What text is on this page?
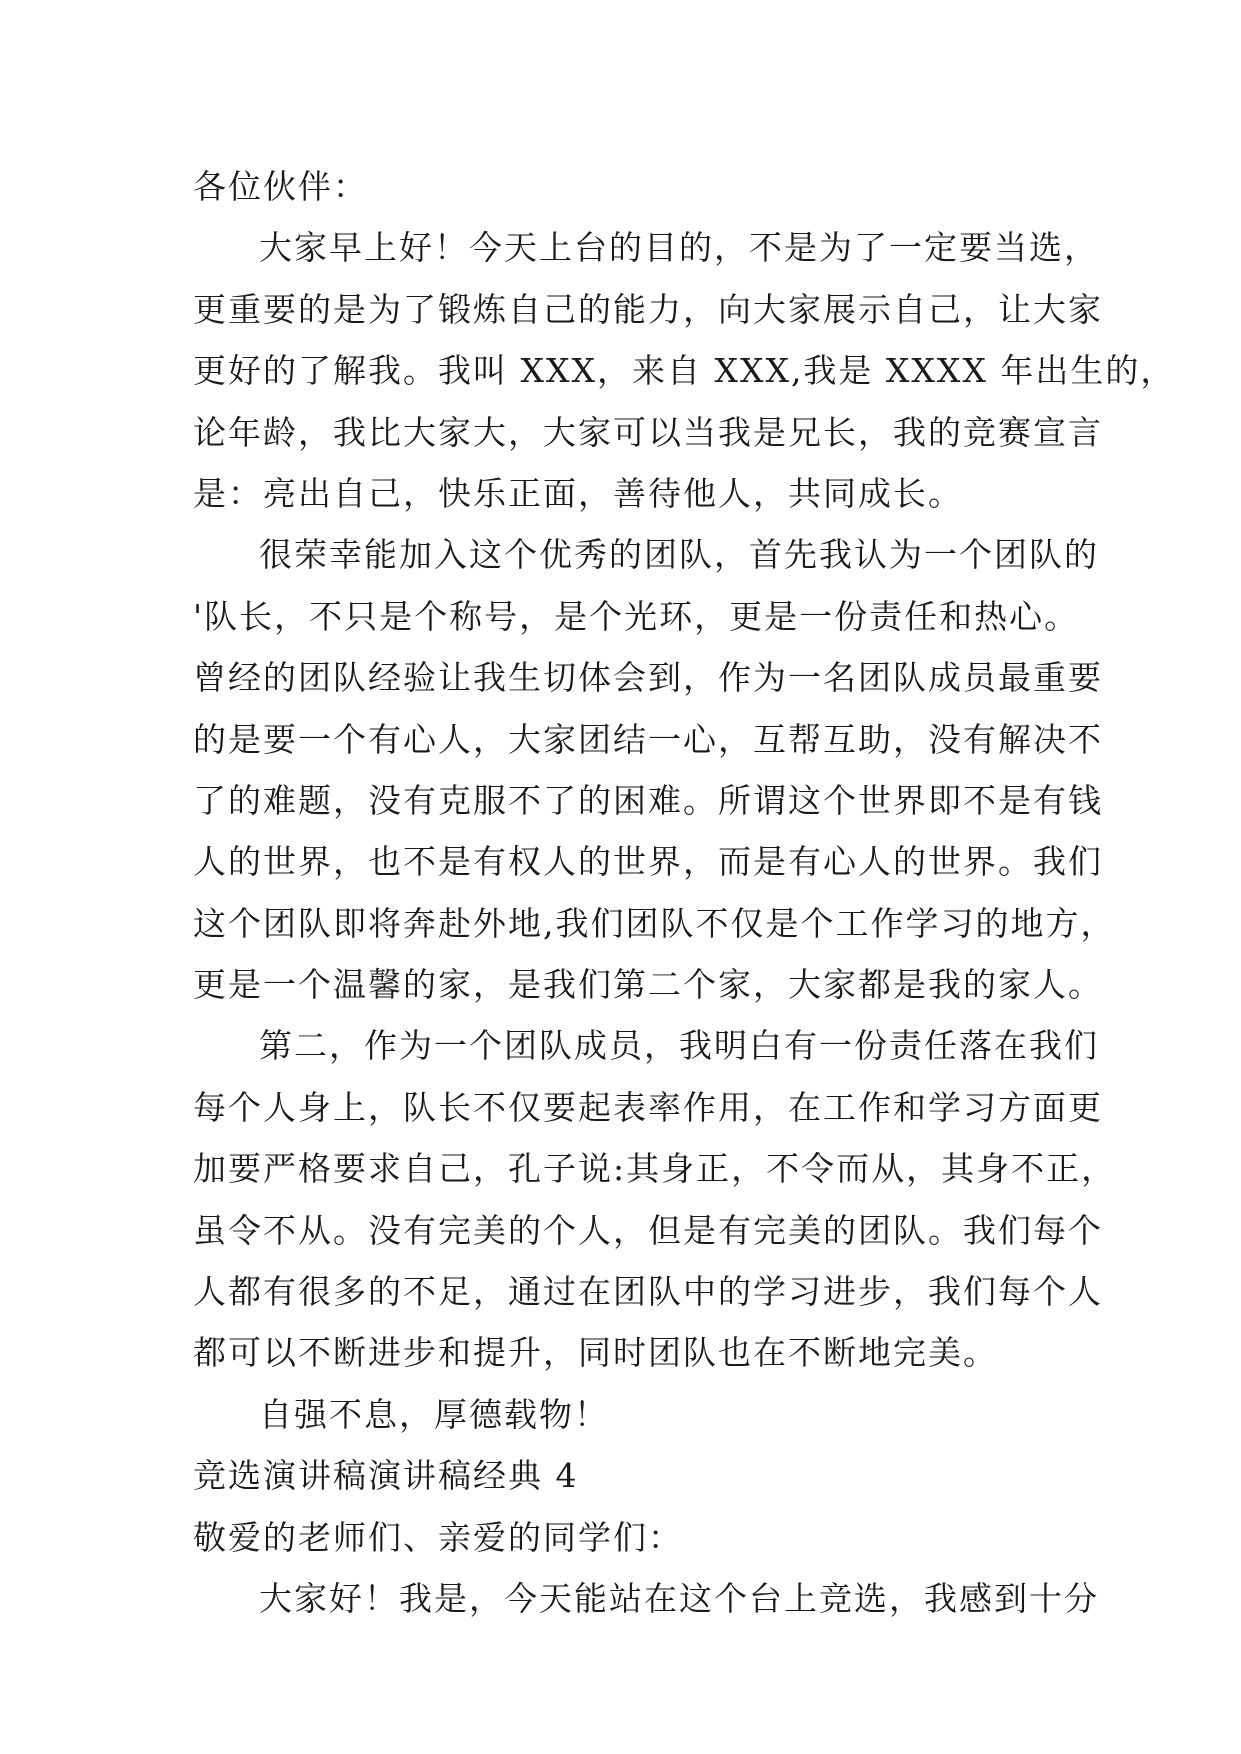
各位伙伴：
大家早上好！今天上台的目的，不是为了一定要当选，
更重要的是为了锻炼自己的能力，向大家展示自己，让大家
更好的了解我。我叫 XXX，来自 XXX,我是 XXXX 年出生的，
论年龄，我比大家大，大家可以当我是兄长，我的竞赛宣言
是：亮出自己，快乐正面，善待他人，共同成长。
很荣幸能加入这个优秀的团队，首先我认为一个团队的
'队长，不只是个称号，是个光环，更是一份责任和热心。
曾经的团队经验让我生切体会到，作为一名团队成员最重要
的是要一个有心人，大家团结一心，互帮互助，没有解决不
了的难题，没有克服不了的困难。所谓这个世界即不是有钱
人的世界，也不是有权人的世界，而是有心人的世界。我们
这个团队即将奔赴外地,我们团队不仅是个工作学习的地方，
更是一个温馨的家，是我们第二个家，大家都是我的家人。
第二，作为一个团队成员，我明白有一份责任落在我们
每个人身上，队长不仅要起表率作用，在工作和学习方面更
加要严格要求自己，孔子说:其身正，不令而从，其身不正，
虽令不从。没有完美的个人，但是有完美的团队。我们每个
人都有很多的不足，通过在团队中的学习进步，我们每个人
都可以不断进步和提升，同时团队也在不断地完美。
自强不息，厚德载物！
竞选演讲稿演讲稿经典 4
敬爱的老师们、亲爱的同学们：
大家好！我是，今天能站在这个台上竞选，我感到十分
